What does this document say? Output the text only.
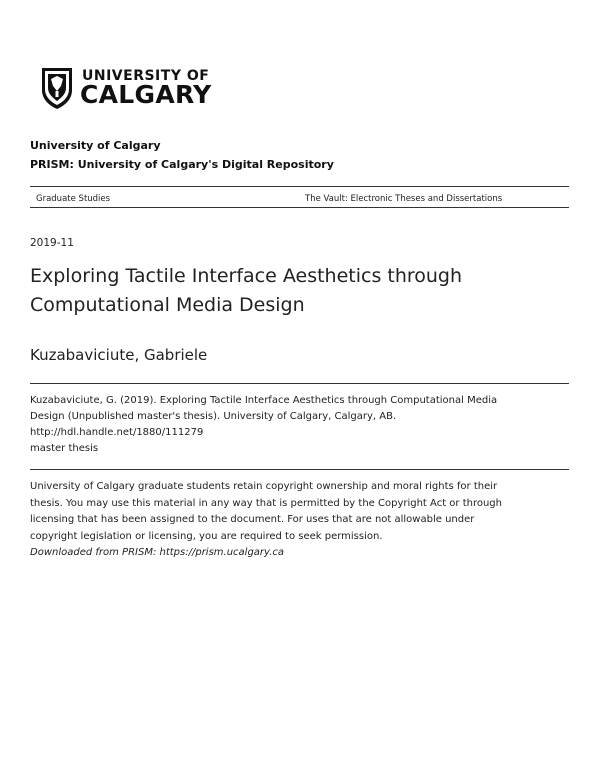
UNIVERSITY OF
CALGARY
University of Calgary
PRISM: University of Calgary's Digital Repository
Graduate Studies	The Vault: Electronic Theses and Dissertations
2019-11
Exploring Tactile Interface Aesthetics through
Computational Media Design
Kuzabaviciute, Gabriele
Kuzabaviciute, G. (2019). Exploring Tactile Interface Aesthetics through Computational Media
Design (Unpublished master's thesis). University of Calgary, Calgary, AB.
http://hdl.handle.net/1880/111279
master thesis
University of Calgary graduate students retain copyright ownership and moral rights for their
thesis. You may use this material in any way that is permitted by the Copyright Act or through
licensing that has been assigned to the document. For uses that are not allowable under
copyright legislation or licensing, you are required to seek permission.
Downloaded from PRISM: https://prism.ucalgary.ca
